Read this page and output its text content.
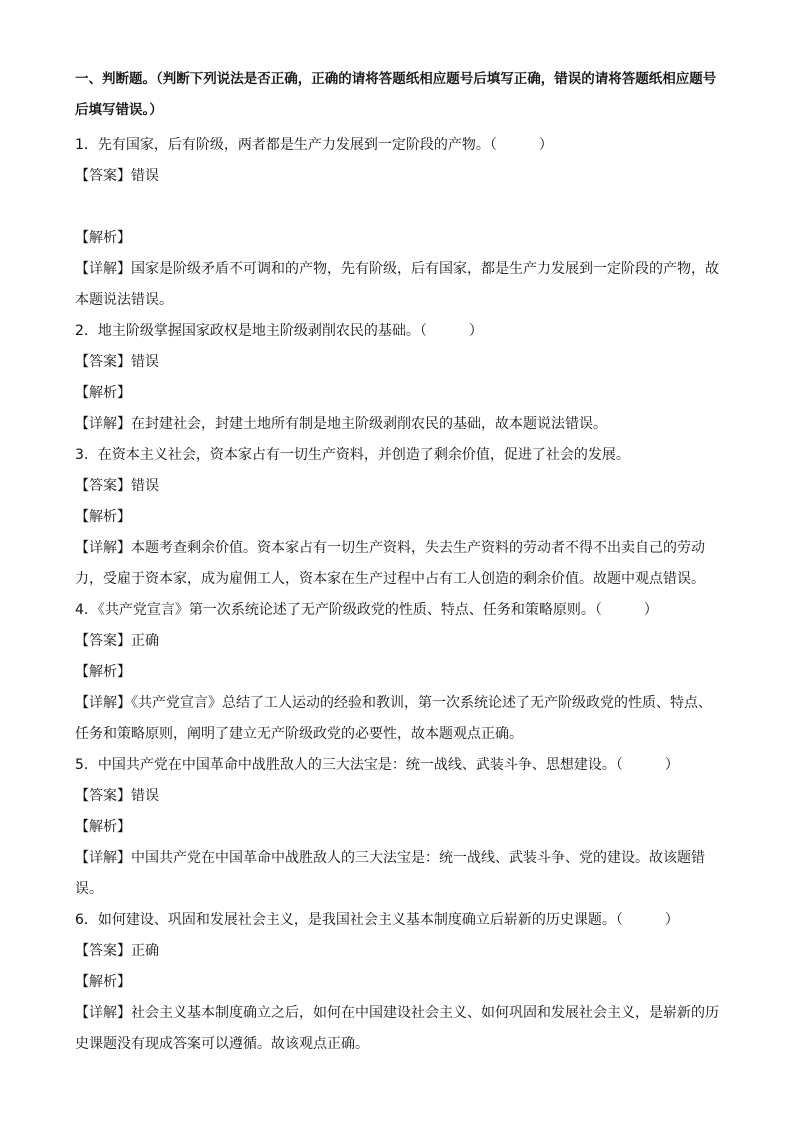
一、判断题。（判断下列说法是否正确，正确的请将答题纸相应题号后填写正确，错误的请将答题纸相应题号后填写错误。）
1．先有国家，后有阶级，两者都是生产力发展到一定阶段的产物。（　　　）
【答案】错误
【解析】
【详解】国家是阶级矛盾不可调和的产物，先有阶级，后有国家，都是生产力发展到一定阶段的产物，故本题说法错误。
2．地主阶级掌握国家政权是地主阶级剥削农民的基础。（　　　）
【答案】错误
【解析】
【详解】在封建社会，封建土地所有制是地主阶级剥削农民的基础，故本题说法错误。
3．在资本主义社会，资本家占有一切生产资料，并创造了剩余价值，促进了社会的发展。
【答案】错误
【解析】
【详解】本题考查剩余价值。资本家占有一切生产资料，失去生产资料的劳动者不得不出卖自己的劳动力，受雇于资本家，成为雇佣工人，资本家在生产过程中占有工人创造的剩余价值。故题中观点错误。
4．《共产党宣言》第一次系统论述了无产阶级政党的性质、特点、任务和策略原则。（　　　）
【答案】正确
【解析】
【详解】《共产党宣言》总结了工人运动的经验和教训，第一次系统论述了无产阶级政党的性质、特点、任务和策略原则，阐明了建立无产阶级政党的必要性，故本题观点正确。
5．中国共产党在中国革命中战胜敌人的三大法宝是：统一战线、武装斗争、思想建设。（　　　）
【答案】错误
【解析】
【详解】中国共产党在中国革命中战胜敌人的三大法宝是：统一战线、武装斗争、党的建设。故该题错误。
6．如何建设、巩固和发展社会主义，是我国社会主义基本制度确立后崭新的历史课题。（　　　）
【答案】正确
【解析】
【详解】社会主义基本制度确立之后，如何在中国建设社会主义、如何巩固和发展社会主义，是崭新的历史课题没有现成答案可以遵循。故该观点正确。
